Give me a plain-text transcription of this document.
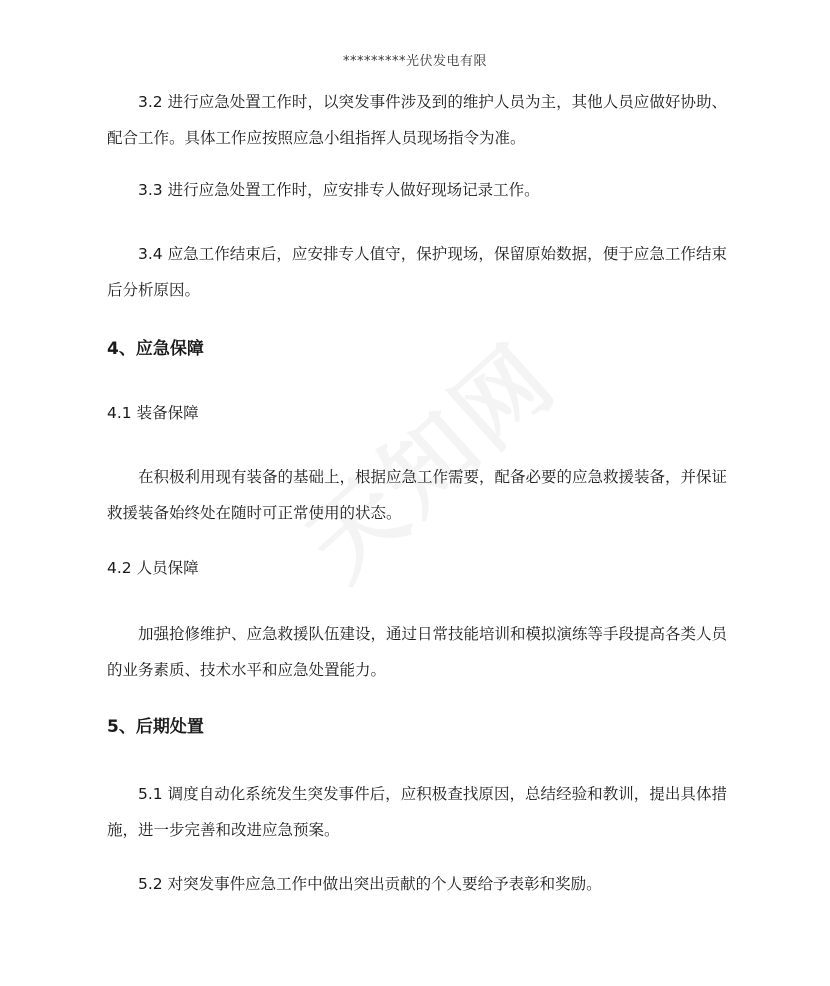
*********光伏发电有限

3.2 进行应急处置工作时，以突发事件涉及到的维护人员为主，其他人员应做好协助、配合工作。具体工作应按照应急小组指挥人员现场指令为准。

3.3 进行应急处置工作时，应安排专人做好现场记录工作。

3.4 应急工作结束后，应安排专人值守，保护现场，保留原始数据，便于应急工作结束后分析原因。

4、应急保障
4.1 装备保障

在积极利用现有装备的基础上，根据应急工作需要，配备必要的应急救援装备，并保证救援装备始终处在随时可正常使用的状态。

4.2 人员保障

加强抢修维护、应急救援队伍建设，通过日常技能培训和模拟演练等手段提高各类人员的业务素质、技术水平和应急处置能力。

5、后期处置

5.1 调度自动化系统发生突发事件后，应积极查找原因，总结经验和教训，提出具体措施，进一步完善和改进应急预案。

5.2 对突发事件应急工作中做出突出贡献的个人要给予表彰和奖励。
